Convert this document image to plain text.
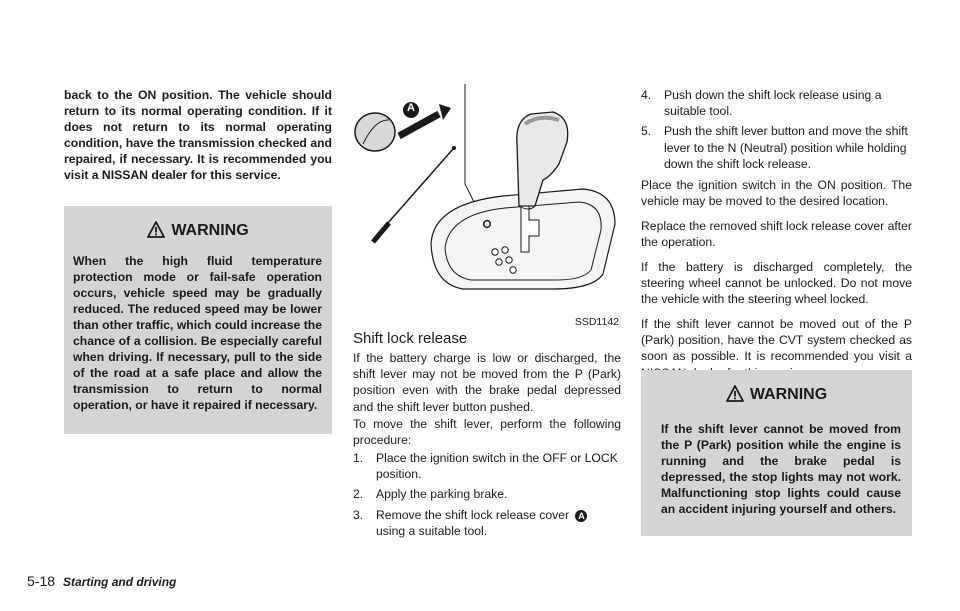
back to the ON position. The vehicle should return to its normal operating condition. If it does not return to its normal operating condition, have the transmission checked and repaired, if necessary. It is recommended you visit a NISSAN dealer for this service.

WARNING

When the high fluid temperature protection mode or fail-safe operation occurs, vehicle speed may be gradually reduced. The reduced speed may be lower than other traffic, which could increase the chance of a collision. Be especially careful when driving. If necessary, pull to the side of the road at a safe place and allow the transmission to return to normal operation, or have it repaired if necessary.

A
SSD1142
Shift lock release

If the battery charge is low or discharged, the shift lever may not be moved from the P (Park) position even with the brake pedal depressed and the shift lever button pushed.

To move the shift lever, perform the following procedure:

1. Place the ignition switch in the OFF or LOCK position.
2. Apply the parking brake.
3. Remove the shift lock release cover A
using a suitable tool.
4. Push down the shift lock release using a suitable tool.
5. Push the shift lever button and move the shift lever to the N (Neutral) position while holding down the shift lock release.

Place the ignition switch in the ON position. The vehicle may be moved to the desired location.

Replace the removed shift lock release cover after the operation.

If the battery is discharged completely, the steering wheel cannot be unlocked. Do not move the vehicle with the steering wheel locked.

If the shift lever cannot be moved out of the P (Park) position, have the CVT system checked as soon as possible. It is recommended you visit a

WARNING

If the shift lever cannot be moved from the P (Park) position while the engine is running and the brake pedal is depressed, the stop lights may not work. Malfunctioning stop lights could cause an accident injuring yourself and others.

5-18 Starting and driving
